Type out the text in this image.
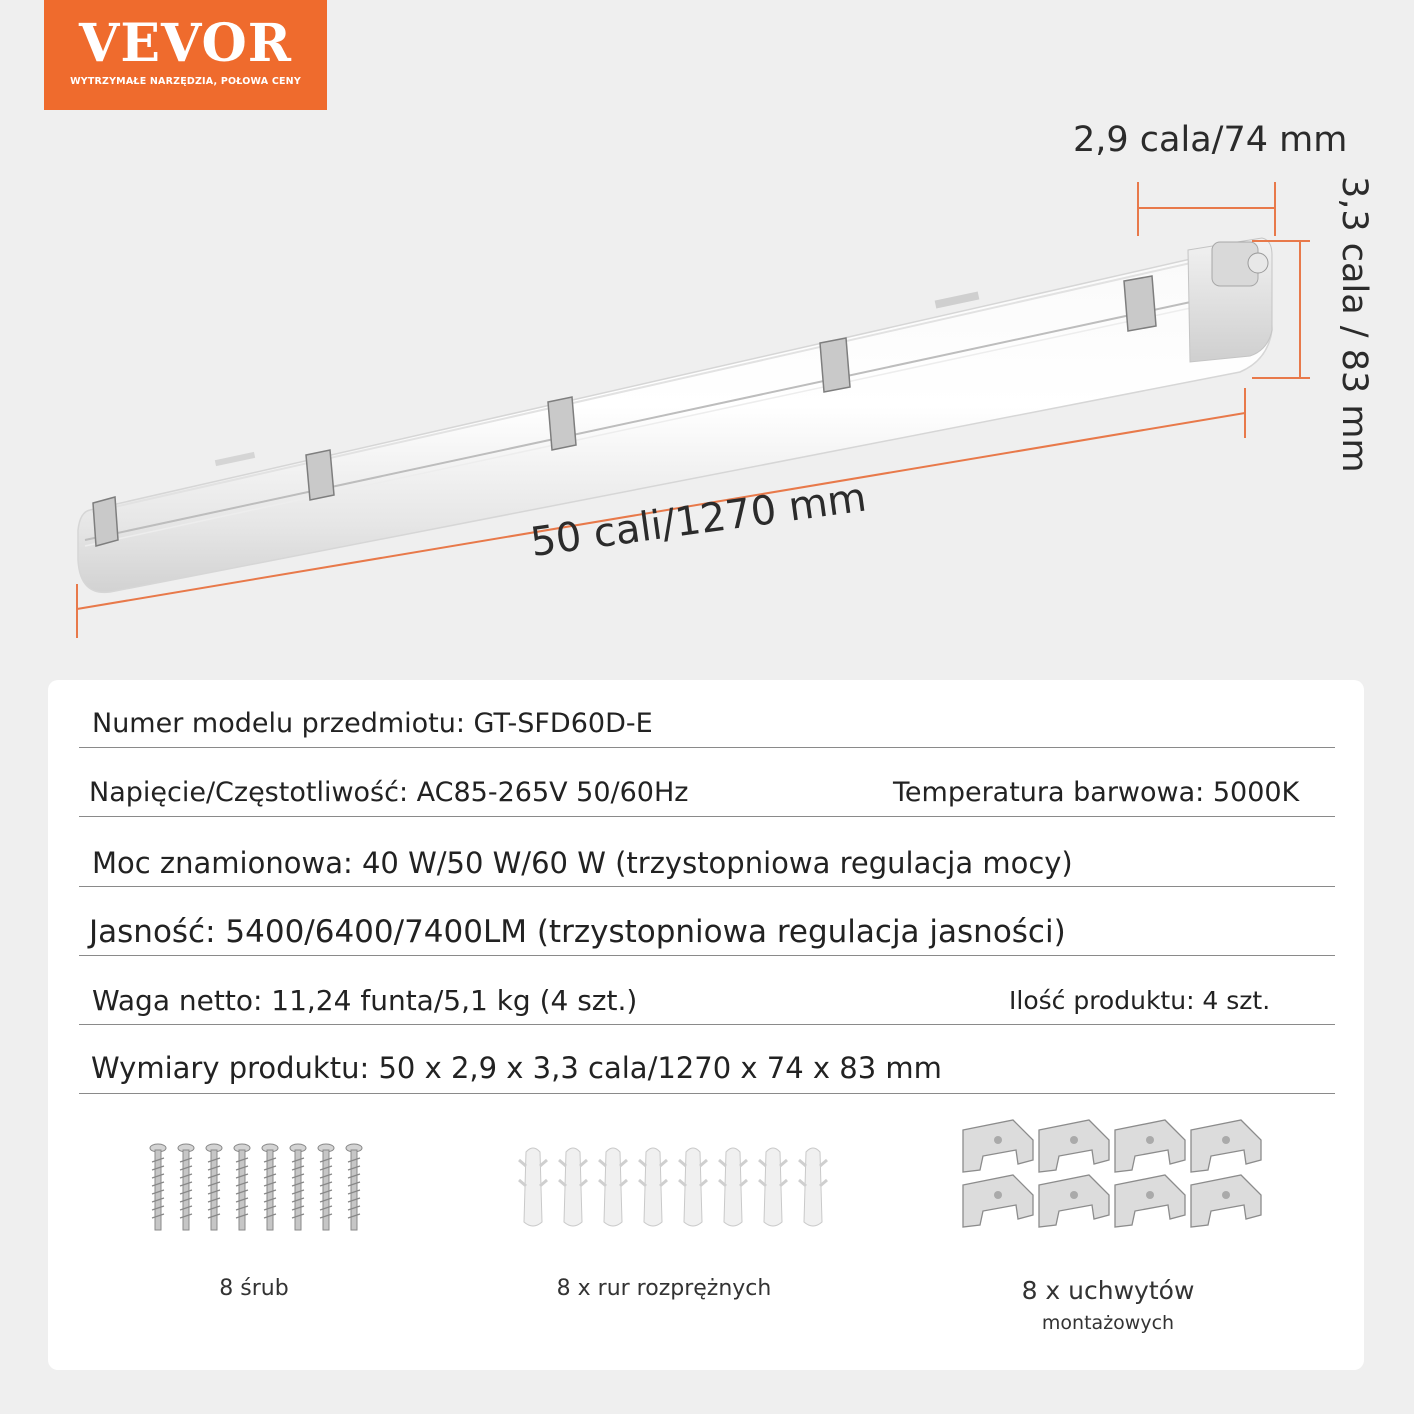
VEVOR
WYTRZYMAŁE NARZĘDZIA, POŁOWA CENY
2,9 cala/74 mm
3,3 cala / 83 mm
50 cali/1270 mm
Numer modelu przedmiotu: GT-SFD60D-E
Napięcie/Częstotliwość: AC85-265V 50/60Hz	Temperatura barwowa: 5000K
Moc znamionowa: 40 W/50 W/60 W (trzystopniowa regulacja mocy)
Jasność: 5400/6400/7400LM (trzystopniowa regulacja jasności)
Waga netto: 11,24 funta/5,1 kg (4 szt.)	Ilość produktu: 4 szt.
Wymiary produktu: 50 x 2,9 x 3,3 cala/1270 x 74 x 83 mm
8 śrub	8 x rur rozprężnych	8 x uchwytów
montażowych
